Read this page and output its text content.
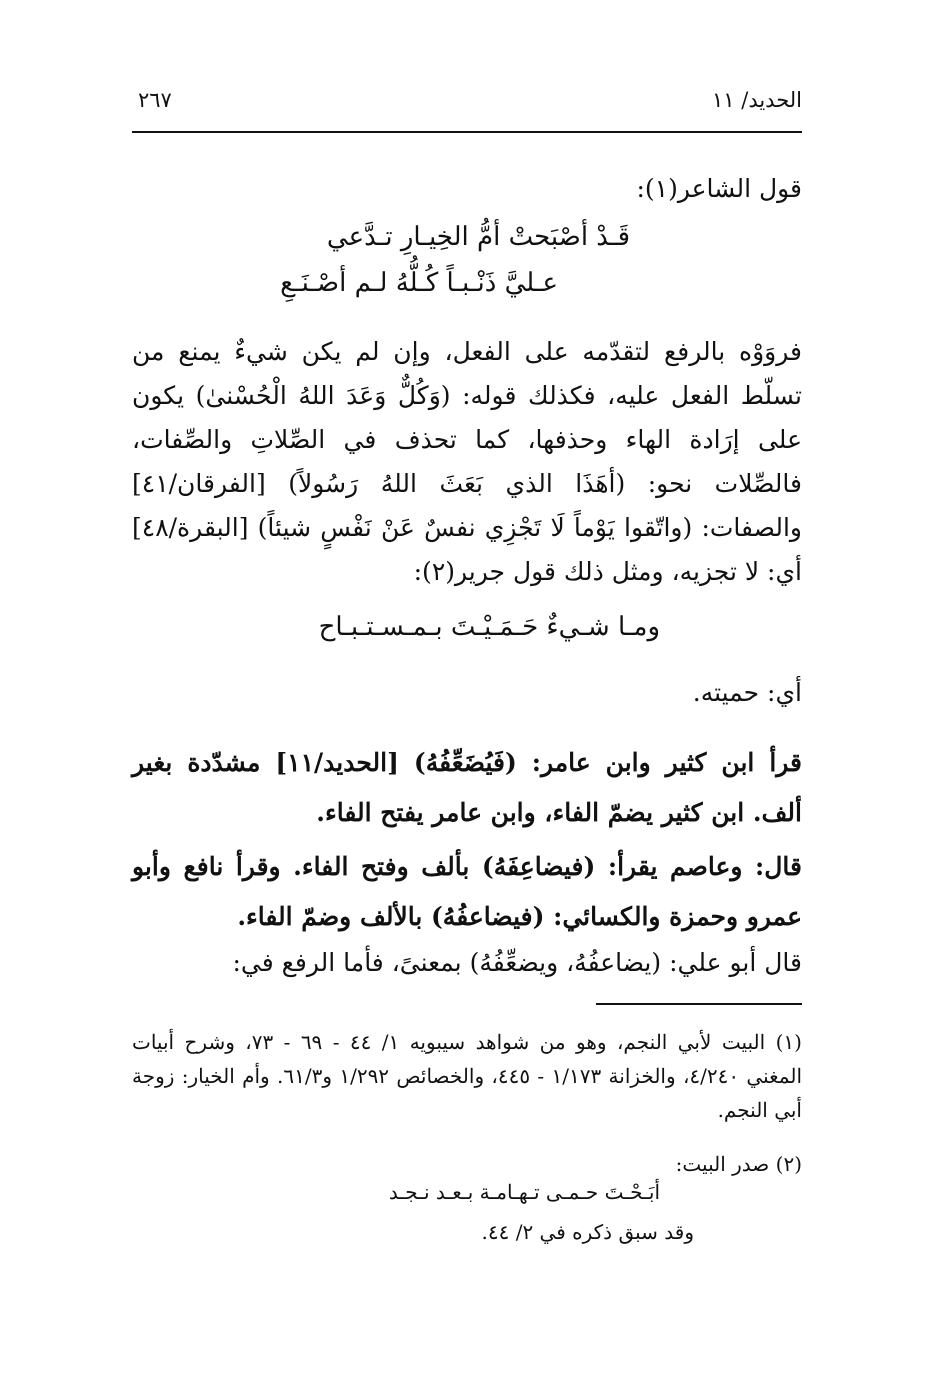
٢٦٧	الحديد/ ١١
قول الشاعر(١):
قَـدْ أصْبَحتْ أمُّ الخِيـارِ تـدَّعي
عـليَّ ذَنْـبـاً كُـلُّهُ لـم أصْـنَـعِ
فروَوْه بالرفع لتقدّمه على الفعل، وإن لم يكن شيءٌ يمنع من تسلّط الفعل عليه، فكذلك قوله: (وَكُلٌّ وَعَدَ اللهُ الْحُسْنىٰ) يكون على إرَادة الهاء وحذفها، كما تحذف في الصِّلاتِ والصِّفات، فالصِّلات نحو: (أهَذَا الذي بَعَثَ اللهُ رَسُولاً) [الفرقان/٤١] والصفات: (واتّقوا يَوْماً لَا تَجْزِي نفسٌ عَنْ نَفْسٍ شيئاً) [البقرة/٤٨] أي: لا تجزيه، ومثل ذلك قول جرير(٢):
ومـا شـيءٌ حَـمَـيْـتَ بـمـسـتـبـاح
أي: حميته.
قرأ ابن كثير وابن عامر: (فَيُضَعِّفُهُ) [الحديد/١١] مشدّدة بغير ألف. ابن كثير يضمّ الفاء، وابن عامر يفتح الفاء.
قال: وعاصم يقرأ: (فيضاعِفَهُ) بألف وفتح الفاء. وقرأ نافع وأبو عمرو وحمزة والكسائي: (فيضاعفُهُ) بالألف وضمّ الفاء.
قال أبو علي: (يضاعفُهُ، ويضعِّفُهُ) بمعنىً، فأما الرفع في:
(١) البيت لأبي النجم، وهو من شواهد سيبويه ١/ ٤٤ - ٦٩ - ٧٣، وشرح أبيات المغني ٤/٢٤٠، والخزانة ١/١٧٣ - ٤٤٥، والخصائص ١/٢٩٢ و٦١/٣. وأم الخيار: زوجة أبي النجم.
(٢) صدر البيت:
أبَـحْـتَ حـمـى تـهـامـة بـعـد نـجـد
وقد سبق ذكره في ٢/ ٤٤.
